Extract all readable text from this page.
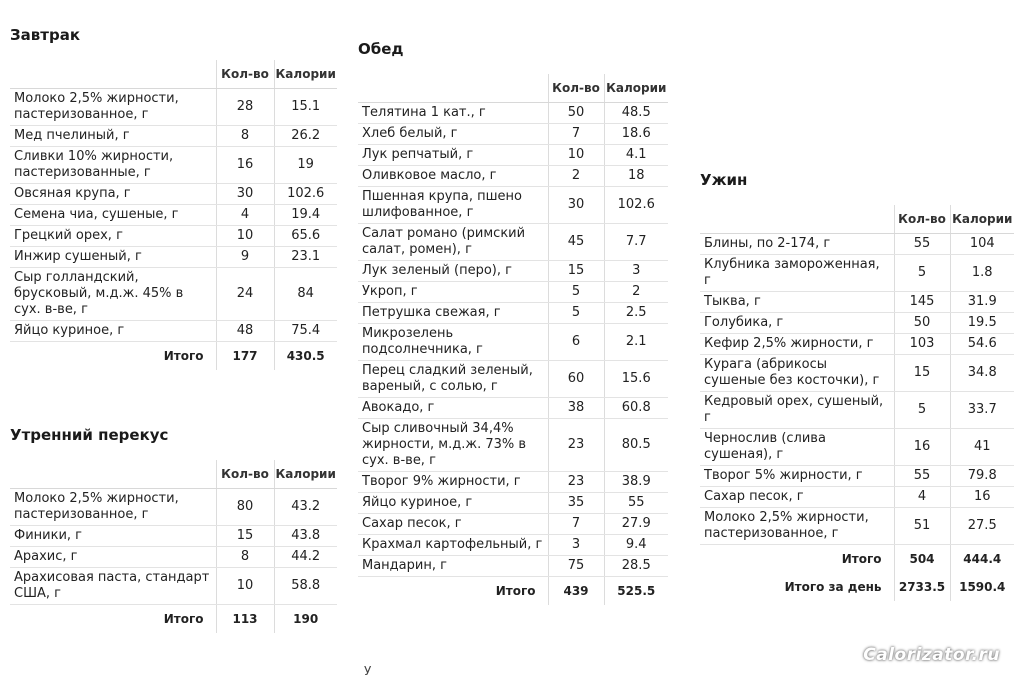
Завтрак
	Кол-во	Калории
Молоко 2,5% жирности, пастеризованное, г	28	15.1
Мед пчелиный, г	8	26.2
Сливки 10% жирности, пастеризованные, г	16	19
Овсяная крупа, г	30	102.6
Семена чиа, сушеные, г	4	19.4
Грецкий орех, г	10	65.6
Инжир сушеный, г	9	23.1
Сыр голландский, брусковый, м.д.ж. 45% в сух. в-ве, г	24	84
Яйцо куриное, г	48	75.4
Итого	177	430.5
Утренний перекус
	Кол-во	Калории
Молоко 2,5% жирности, пастеризованное, г	80	43.2
Финики, г	15	43.8
Арахис, г	8	44.2
Арахисовая паста, стандарт США, г	10	58.8
Итого	113	190
Обед
	Кол-во	Калории
Телятина 1 кат., г	50	48.5
Хлеб белый, г	7	18.6
Лук репчатый, г	10	4.1
Оливковое масло, г	2	18
Пшенная крупа, пшено шлифованное, г	30	102.6
Салат романо (римский салат, ромен), г	45	7.7
Лук зеленый (перо), г	15	3
Укроп, г	5	2
Петрушка свежая, г	5	2.5
Микрозелень подсолнечника, г	6	2.1
Перец сладкий зеленый, вареный, с солью, г	60	15.6
Авокадо, г	38	60.8
Сыр сливочный 34,4% жирности, м.д.ж. 73% в сух. в-ве, г	23	80.5
Творог 9% жирности, г	23	38.9
Яйцо куриное, г	35	55
Сахар песок, г	7	27.9
Крахмал картофельный, г	3	9.4
Мандарин, г	75	28.5
Итого	439	525.5
Ужин
	Кол-во	Калории
Блины, по 2-174, г	55	104
Клубника замороженная, г	5	1.8
Тыква, г	145	31.9
Голубика, г	50	19.5
Кефир 2,5% жирности, г	103	54.6
Курага (абрикосы сушеные без косточки), г	15	34.8
Кедровый орех, сушеный, г	5	33.7
Чернослив (слива сушеная), г	16	41
Творог 5% жирности, г	55	79.8
Сахар песок, г	4	16
Молоко 2,5% жирности, пастеризованное, г	51	27.5
Итого	504	444.4
Итого за день	2733.5	1590.4
У
Calorizator.ru
